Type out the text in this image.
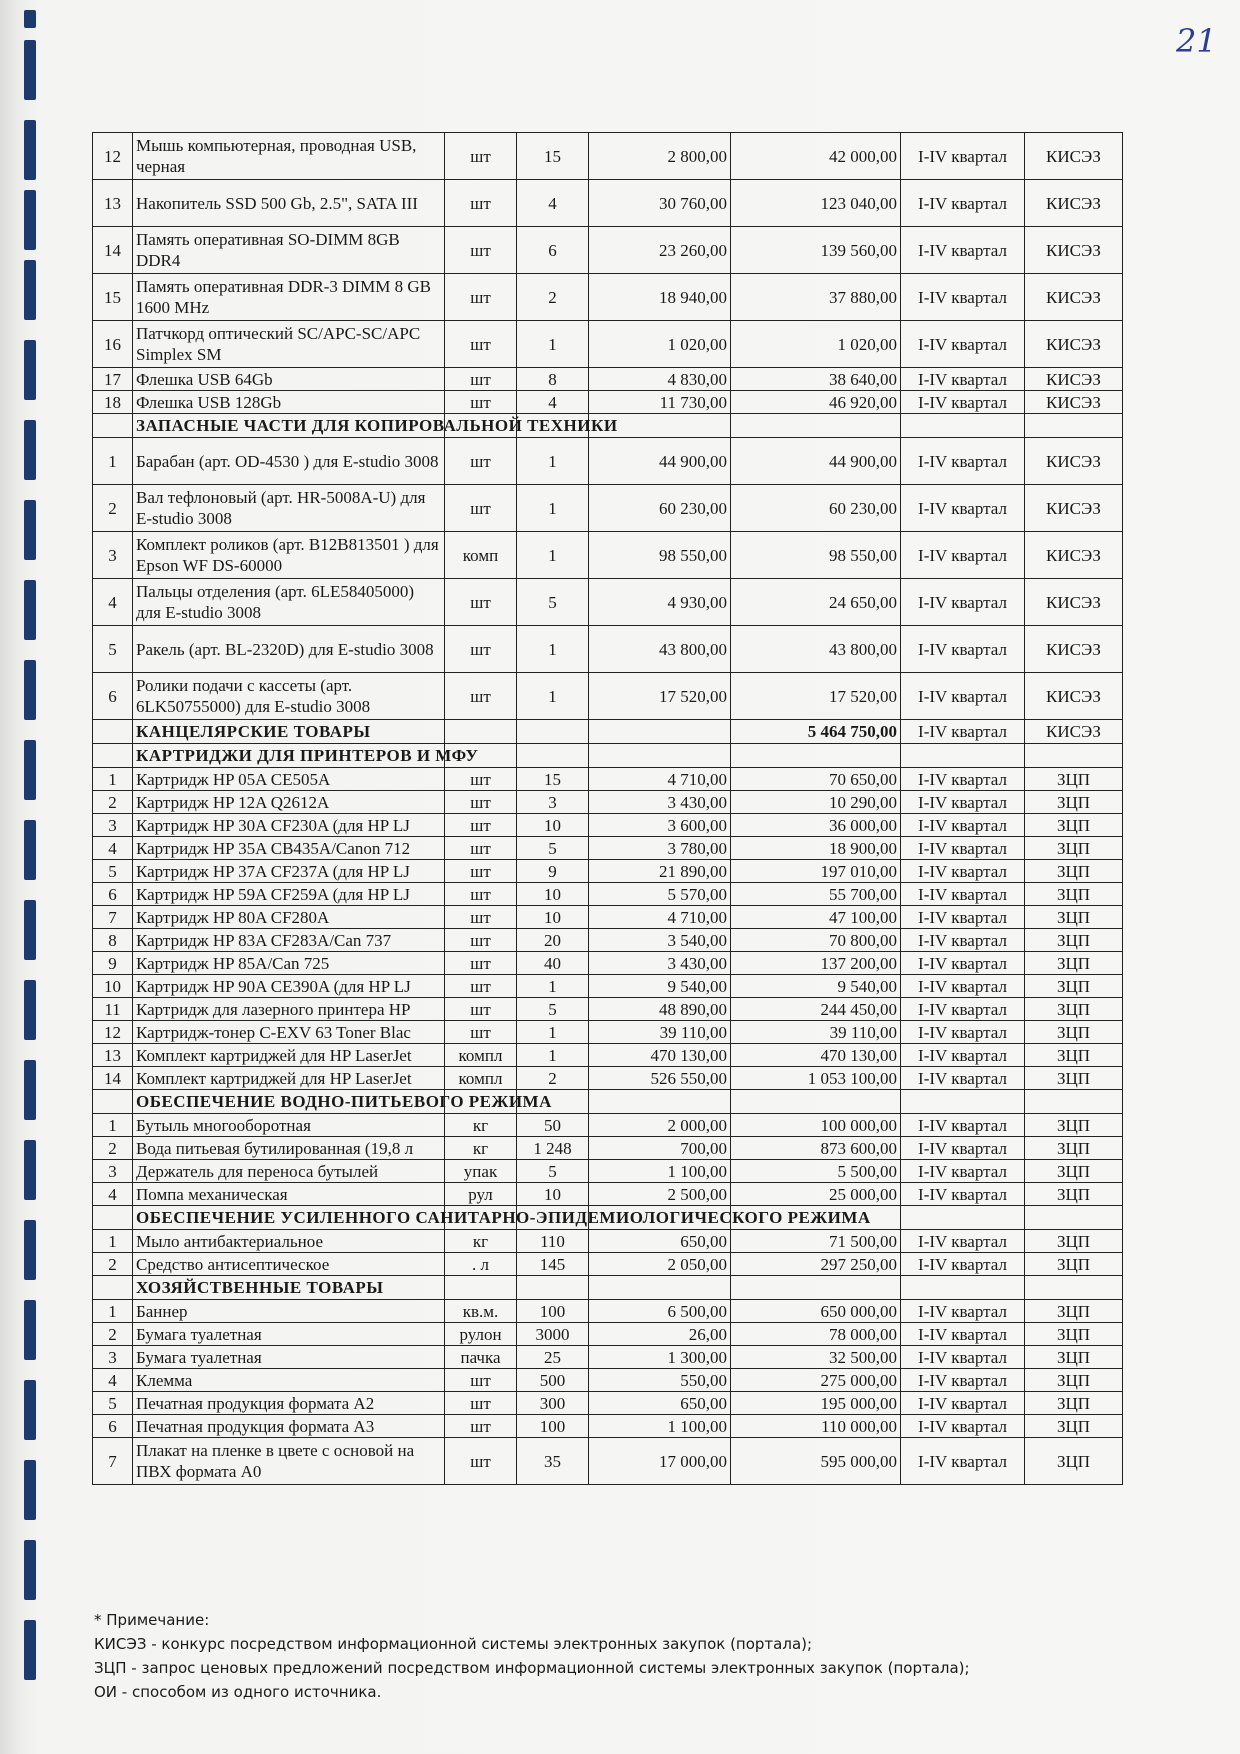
21
12	Мышь компьютерная, проводная USB, черная	шт	15	2 800,00	42 000,00	I-IV квартал	КИСЭЗ
13	Накопитель SSD 500 Gb, 2.5", SATA III	шт	4	30 760,00	123 040,00	I-IV квартал	КИСЭЗ
14	Память оперативная SO-DIMM 8GB DDR4	шт	6	23 260,00	139 560,00	I-IV квартал	КИСЭЗ
15	Память оперативная DDR-3 DIMM 8 GB 1600 MHz	шт	2	18 940,00	37 880,00	I-IV квартал	КИСЭЗ
16	Патчкорд оптический SC/APC-SC/APC Simplex SM	шт	1	1 020,00	1 020,00	I-IV квартал	КИСЭЗ
17	Флешка USB 64Gb	шт	8	4 830,00	38 640,00	I-IV квартал	КИСЭЗ
18	Флешка USB 128Gb	шт	4	11 730,00	46 920,00	I-IV квартал	КИСЭЗ
	ЗАПАСНЫЕ ЧАСТИ ДЛЯ КОПИРОВАЛЬНОЙ ТЕХНИКИ						
1	Барабан (арт. OD-4530 ) для E-studio 3008	шт	1	44 900,00	44 900,00	I-IV квартал	КИСЭЗ
2	Вал тефлоновый (арт. HR-5008A-U) для E-studio 3008	шт	1	60 230,00	60 230,00	I-IV квартал	КИСЭЗ
3	Комплект роликов (арт. B12B813501 ) для Epson WF DS-60000	комп	1	98 550,00	98 550,00	I-IV квартал	КИСЭЗ
4	Пальцы отделения (арт. 6LE58405000) для E-studio 3008	шт	5	4 930,00	24 650,00	I-IV квартал	КИСЭЗ
5	Ракель (арт. BL-2320D) для E-studio 3008	шт	1	43 800,00	43 800,00	I-IV квартал	КИСЭЗ
6	Ролики подачи с кассеты (арт. 6LK50755000) для E-studio 3008	шт	1	17 520,00	17 520,00	I-IV квартал	КИСЭЗ
	КАНЦЕЛЯРСКИЕ ТОВАРЫ				5 464 750,00	I-IV квартал	КИСЭЗ
	КАРТРИДЖИ ДЛЯ ПРИНТЕРОВ И МФУ						
1	Картридж HP 05A CE505A	шт	15	4 710,00	70 650,00	I-IV квартал	ЗЦП
2	Картридж HP 12A Q2612A	шт	3	3 430,00	10 290,00	I-IV квартал	ЗЦП
3	Картридж HP 30A CF230A (для HP LJ	шт	10	3 600,00	36 000,00	I-IV квартал	ЗЦП
4	Картридж HP 35A CB435A/Canon 712	шт	5	3 780,00	18 900,00	I-IV квартал	ЗЦП
5	Картридж HP 37A CF237A (для HP LJ	шт	9	21 890,00	197 010,00	I-IV квартал	ЗЦП
6	Картридж HP 59A CF259A (для HP LJ	шт	10	5 570,00	55 700,00	I-IV квартал	ЗЦП
7	Картридж HP 80A CF280A	шт	10	4 710,00	47 100,00	I-IV квартал	ЗЦП
8	Картридж HP 83A CF283A/Can 737	шт	20	3 540,00	70 800,00	I-IV квартал	ЗЦП
9	Картридж HP 85A/Can 725	шт	40	3 430,00	137 200,00	I-IV квартал	ЗЦП
10	Картридж HP 90A CE390A (для HP LJ	шт	1	9 540,00	9 540,00	I-IV квартал	ЗЦП
11	Картридж для лазерного принтера HP	шт	5	48 890,00	244 450,00	I-IV квартал	ЗЦП
12	Картридж-тонер C-EXV 63 Toner Blac	шт	1	39 110,00	39 110,00	I-IV квартал	ЗЦП
13	Комплект картриджей для HP LaserJet	компл	1	470 130,00	470 130,00	I-IV квартал	ЗЦП
14	Комплект картриджей для HP LaserJet	компл	2	526 550,00	1 053 100,00	I-IV квартал	ЗЦП
	ОБЕСПЕЧЕНИЕ ВОДНО-ПИТЬЕВОГО РЕЖИМА						
1	Бутыль многооборотная	кг	50	2 000,00	100 000,00	I-IV квартал	ЗЦП
2	Вода питьевая бутилированная (19,8 л	кг	1 248	700,00	873 600,00	I-IV квартал	ЗЦП
3	Держатель для переноса бутылей	упак	5	1 100,00	5 500,00	I-IV квартал	ЗЦП
4	Помпа механическая	рул	10	2 500,00	25 000,00	I-IV квартал	ЗЦП
	ОБЕСПЕЧЕНИЕ УСИЛЕННОГО САНИТАРНО-ЭПИДЕМИОЛОГИЧЕСКОГО РЕЖИМА						
1	Мыло антибактериальное	кг	110	650,00	71 500,00	I-IV квартал	ЗЦП
2	Средство антисептическое	. л	145	2 050,00	297 250,00	I-IV квартал	ЗЦП
	ХОЗЯЙСТВЕННЫЕ ТОВАРЫ						
1	Баннер	кв.м.	100	6 500,00	650 000,00	I-IV квартал	ЗЦП
2	Бумага туалетная	рулон	3000	26,00	78 000,00	I-IV квартал	ЗЦП
3	Бумага туалетная	пачка	25	1 300,00	32 500,00	I-IV квартал	ЗЦП
4	Клемма	шт	500	550,00	275 000,00	I-IV квартал	ЗЦП
5	Печатная продукция формата А2	шт	300	650,00	195 000,00	I-IV квартал	ЗЦП
6	Печатная продукция формата А3	шт	100	1 100,00	110 000,00	I-IV квартал	ЗЦП
7	Плакат на пленке в цвете с основой на ПВХ формата А0	шт	35	17 000,00	595 000,00	I-IV квартал	ЗЦП
* Примечание:
КИСЭЗ - конкурс посредством информационной системы электронных закупок (портала);
ЗЦП - запрос ценовых предложений посредством информационной системы электронных закупок (портала);
ОИ - способом из одного источника.
